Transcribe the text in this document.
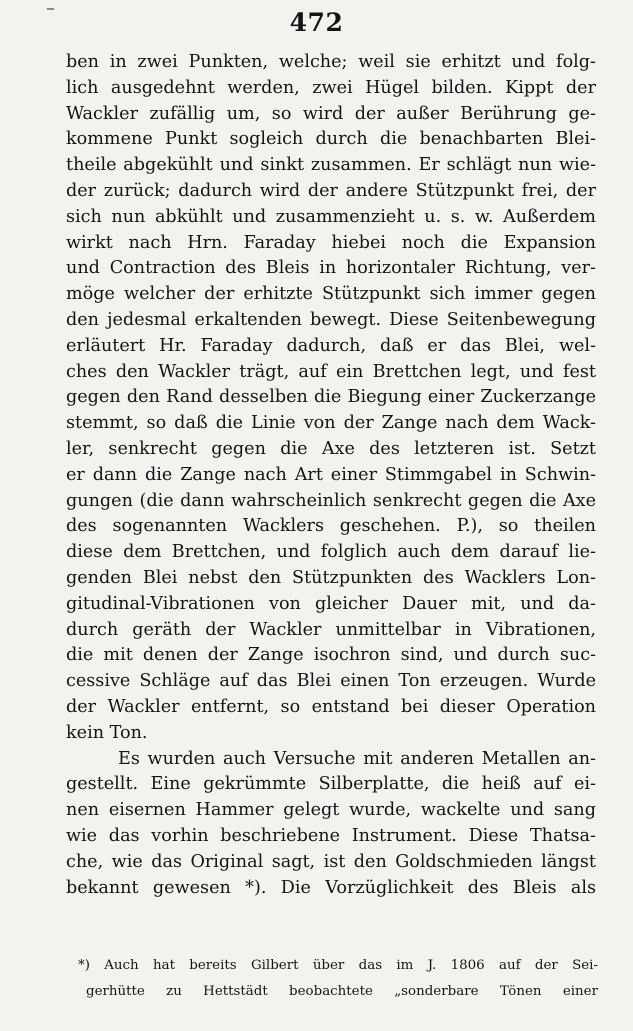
472
ben in zwei Punkten, welche; weil sie erhitzt und folg-
lich ausgedehnt werden, zwei Hügel bilden. Kippt der
Wackler zufällig um, so wird der außer Berührung ge-
kommene Punkt sogleich durch die benachbarten Blei-
theile abgekühlt und sinkt zusammen. Er schlägt nun wie-
der zurück; dadurch wird der andere Stützpunkt frei, der
sich nun abkühlt und zusammenzieht u. s. w. Außerdem
wirkt nach Hrn. Faraday hiebei noch die Expansion
und Contraction des Bleis in horizontaler Richtung, ver-
möge welcher der erhitzte Stützpunkt sich immer gegen
den jedesmal erkaltenden bewegt. Diese Seitenbewegung
erläutert Hr. Faraday dadurch, daß er das Blei, wel-
ches den Wackler trägt, auf ein Brettchen legt, und fest
gegen den Rand desselben die Biegung einer Zuckerzange
stemmt, so daß die Linie von der Zange nach dem Wack-
ler, senkrecht gegen die Axe des letzteren ist. Setzt
er dann die Zange nach Art einer Stimmgabel in Schwin-
gungen (die dann wahrscheinlich senkrecht gegen die Axe
des sogenannten Wacklers geschehen. P.), so theilen
diese dem Brettchen, und folglich auch dem darauf lie-
genden Blei nebst den Stützpunkten des Wacklers Lon-
gitudinal-Vibrationen von gleicher Dauer mit, und da-
durch geräth der Wackler unmittelbar in Vibrationen,
die mit denen der Zange isochron sind, und durch suc-
cessive Schläge auf das Blei einen Ton erzeugen. Wurde
der Wackler entfernt, so entstand bei dieser Operation
kein Ton.
Es wurden auch Versuche mit anderen Metallen an-
gestellt. Eine gekrümmte Silberplatte, die heiß auf ei-
nen eisernen Hammer gelegt wurde, wackelte und sang
wie das vorhin beschriebene Instrument. Diese Thatsa-
che, wie das Original sagt, ist den Goldschmieden längst
bekannt gewesen *). Die Vorzüglichkeit des Bleis als
*) Auch hat bereits Gilbert über das im J. 1806 auf der Sei-
gerhütte zu Hettstädt beobachtete „sonderbare Tönen einer
